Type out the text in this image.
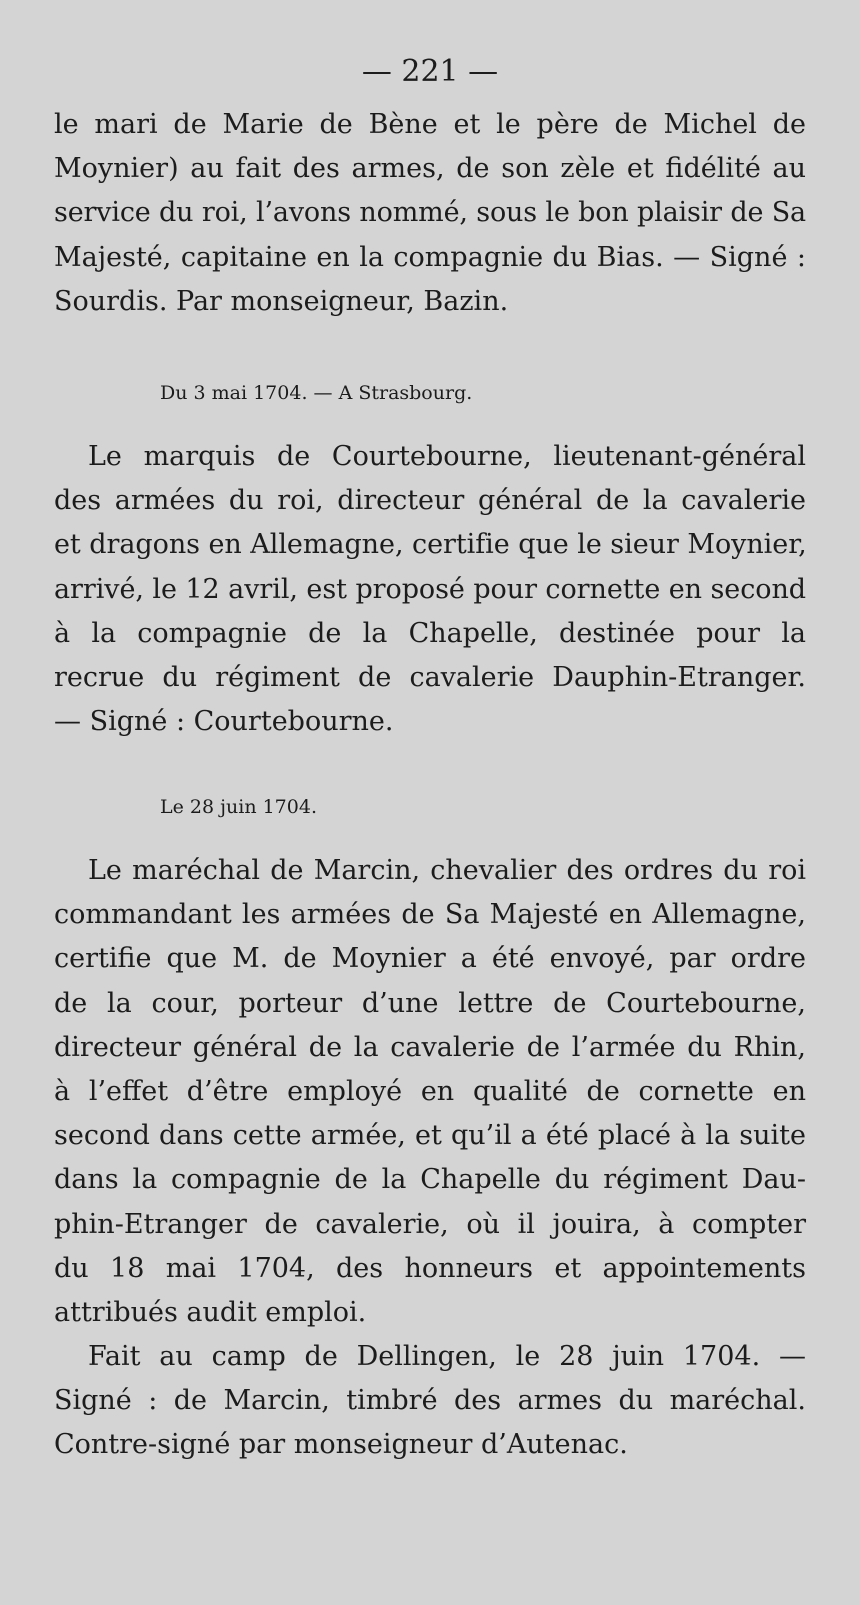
— 221 —
le mari de Marie de Bène et le père de Michel de
Moynier) au fait des armes, de son zèle et fidélité au
service du roi, l’avons nommé, sous le bon plaisir de Sa
Majesté, capitaine en la compagnie du Bias. — Signé :
Sourdis. Par monseigneur, Bazin.
Du 3 mai 1704. — A Strasbourg.
Le marquis de Courtebourne, lieutenant-général
des armées du roi, directeur général de la cavalerie
et dragons en Allemagne, certifie que le sieur Moynier,
arrivé, le 12 avril, est proposé pour cornette en second
à la compagnie de la Chapelle, destinée pour la
recrue du régiment de cavalerie Dauphin-Etranger.
— Signé : Courtebourne.
Le 28 juin 1704.
Le maréchal de Marcin, chevalier des ordres du roi
commandant les armées de Sa Majesté en Allemagne,
certifie que M. de Moynier a été envoyé, par ordre
de la cour, porteur d’une lettre de Courtebourne,
directeur général de la cavalerie de l’armée du Rhin,
à l’effet d’être employé en qualité de cornette en
second dans cette armée, et qu’il a été placé à la suite
dans la compagnie de la Chapelle du régiment Dau-
phin-Etranger de cavalerie, où il jouira, à compter
du 18 mai 1704, des honneurs et appointements
attribués audit emploi.
Fait au camp de Dellingen, le 28 juin 1704. —
Signé : de Marcin, timbré des armes du maréchal.
Contre-signé par monseigneur d’Autenac.
